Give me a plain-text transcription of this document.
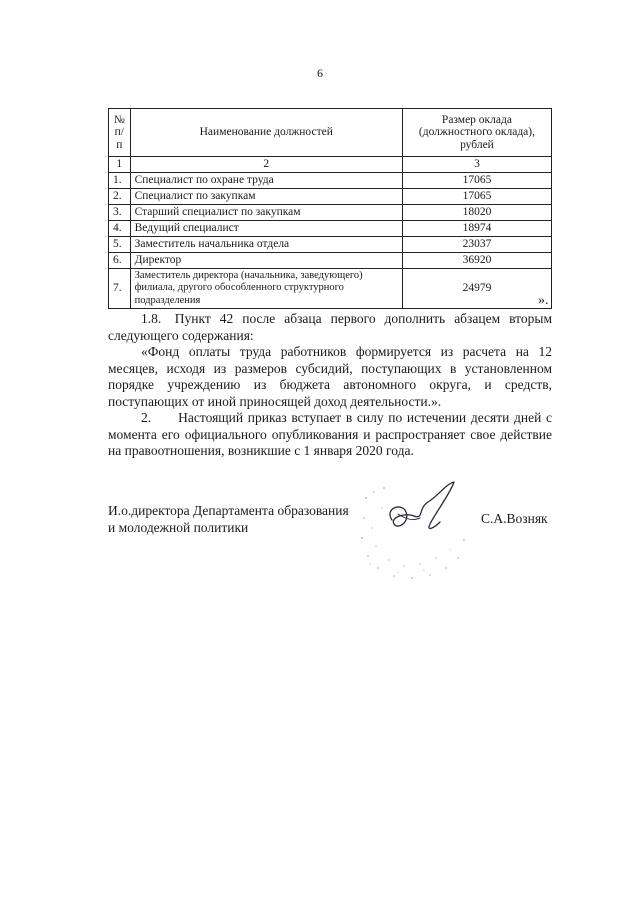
6
№ п/п	Наименование должностей	Размер оклада (должностного оклада), рублей
1	2	3
1.	Специалист по охране труда	17065
2.	Специалист по закупкам	17065
3.	Старший специалист по закупкам	18020
4.	Ведущий специалист	18974
5.	Заместитель начальника отдела	23037
6.	Директор	36920
7.	Заместитель директора (начальника, заведующего) филиала, другого обособленного структурного подразделения	24979
».

1.8. Пункт 42 после абзаца первого дополнить абзацем вторым следующего содержания:

«Фонд оплаты труда работников формируется из расчета на 12 месяцев, исходя из размеров субсидий, поступающих в установленном порядке учреждению из бюджета автономного округа, и средств, поступающих от иной приносящей доход деятельности.».

2.  Настоящий приказ вступает в силу по истечении десяти дней с момента его официального опубликования и распространяет свое действие на правоотношения, возникшие с 1 января 2020 года.

И.о.директора Департамента образования
и молодежной политики
С.А.Возняк
